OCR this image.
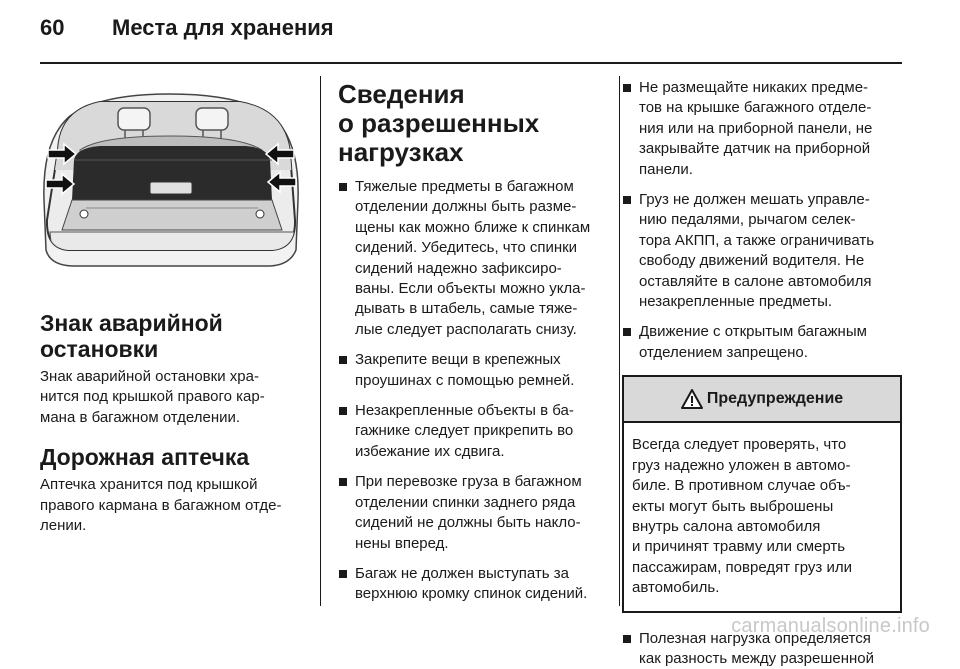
60	Места для хранения
Знак аварийной
остановки
Знак аварийной остановки хра-
нится под крышкой правого кар-
мана в багажном отделении.
Дорожная аптечка
Аптечка хранится под крышкой
правого кармана в багажном отде-
лении.
Сведения
о разрешенных
нагрузках
Тяжелые предметы в багажном
отделении должны быть разме-
щены как можно ближе к спинкам
сидений. Убедитесь, что спинки
сидений надежно зафиксиро-
ваны. Если объекты можно укла-
дывать в штабель, самые тяже-
лые следует располагать снизу.
Закрепите вещи в крепежных
проушинах с помощью ремней.
Незакрепленные объекты в ба-
гажнике следует прикрепить во
избежание их сдвига.
При перевозке груза в багажном
отделении спинки заднего ряда
сидений не должны быть накло-
нены вперед.
Багаж не должен выступать за
верхнюю кромку спинок сидений.
Не размещайте никаких предме-
тов на крышке багажного отделе-
ния или на приборной панели, не
закрывайте датчик на приборной
панели.
Груз не должен мешать управле-
нию педалями, рычагом селек-
тора АКПП, а также ограничивать
свободу движений водителя. Не
оставляйте в салоне автомобиля
незакрепленные предметы.
Движение с открытым багажным
отделением запрещено.
Предупреждение
Всегда следует проверять, что
груз надежно уложен в автомо-
биле. В противном случае объ-
екты могут быть выброшены
внутрь салона автомобиля
и причинят травму или смерть
пассажирам, повредят груз или
автомобиль.
Полезная нагрузка определяется
как разность между разрешенной
carmanualsonline.info
